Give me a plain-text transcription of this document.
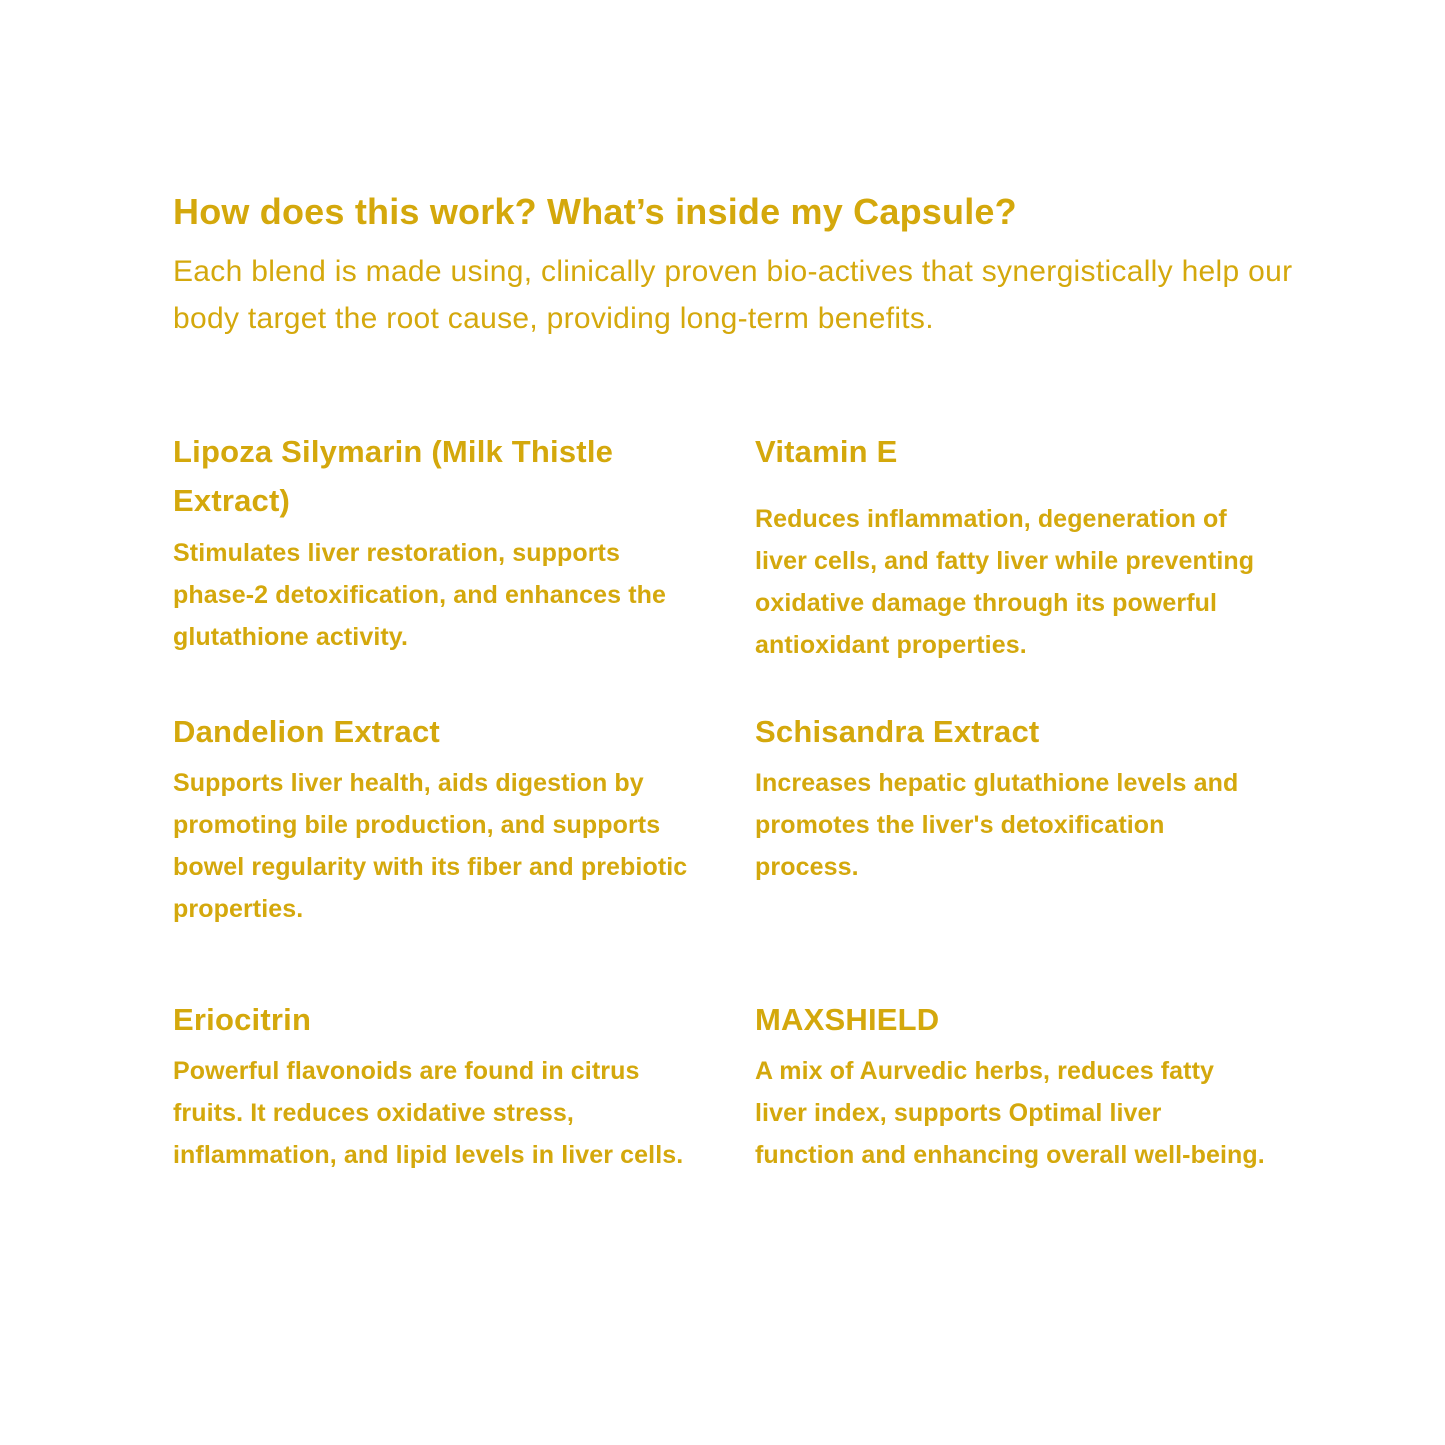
How does this work? What’s inside my Capsule?

Each blend is made using, clinically proven bio-actives that synergistically help our body target the root cause, providing long-term benefits.

Lipoza Silymarin (Milk Thistle Extract)

Stimulates liver restoration, supports phase-2 detoxification, and enhances the glutathione activity.

Vitamin E

Reduces inflammation, degeneration of liver cells, and fatty liver while preventing oxidative damage through its powerful antioxidant properties.

Dandelion Extract

Supports liver health, aids digestion by promoting bile production, and supports bowel regularity with its fiber and prebiotic properties.

Schisandra Extract

Increases hepatic glutathione levels and promotes the liver's detoxification process.

Eriocitrin

Powerful flavonoids are found in citrus fruits. It reduces oxidative stress, inflammation, and lipid levels in liver cells.

MAXSHIELD

A mix of Aurvedic herbs, reduces fatty liver index, supports Optimal liver function and enhancing overall well-being.
